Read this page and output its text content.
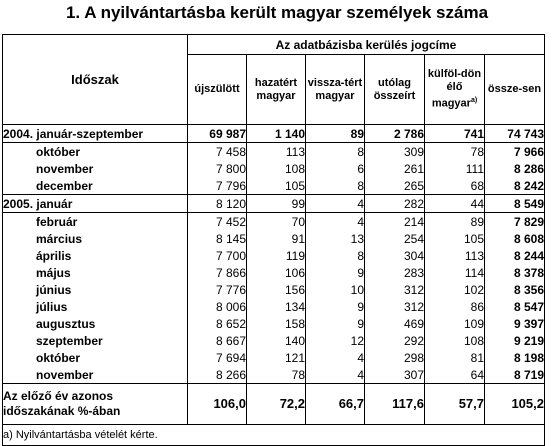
1. A nyilvántartásba került magyar személyek száma
Időszak	Az adatbázisba kerülés jogcíme					
	újszülött	hazatért magyar	vissza-tért magyar	utólag összeírt	külföl-dön élő magyar$^{a)}$	össze-sen
2004. január-szeptember	69 987	1 140	89	2 786	741	74 743
október	7 458	113	8	309	78	7 966
november	7 800	108	6	261	111	8 286
december	7 796	105	8	265	68	8 242
2005. január	8 120	99	4	282	44	8 549
február	7 452	70	4	214	89	7 829
március	8 145	91	13	254	105	8 608
április	7 700	119	8	304	113	8 244
május	7 866	106	9	283	114	8 378
június	7 776	156	10	312	102	8 356
július	8 006	134	9	312	86	8 547
augusztus	8 652	158	9	469	109	9 397
szeptember	8 667	140	12	292	108	9 219
október	7 694	121	4	298	81	8 198
november	8 266	78	4	307	64	8 719
Az előző év azonos időszakának %-ában	106,0	72,2	66,7	117,6	57,7	105,2
a) Nyilvántartásba vételét kérte.						
